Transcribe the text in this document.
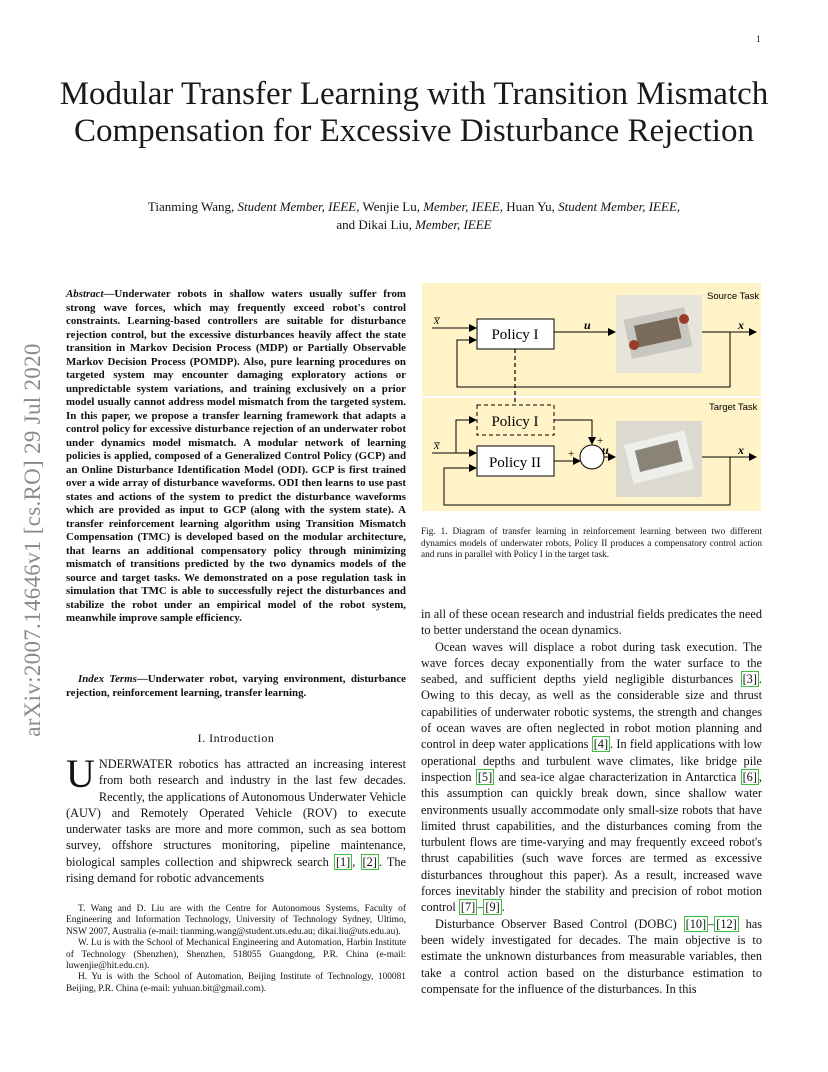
1
Modular Transfer Learning with Transition Mismatch Compensation for Excessive Disturbance Rejection
Tianming Wang, Student Member, IEEE, Wenjie Lu, Member, IEEE, Huan Yu, Student Member, IEEE,
and Dikai Liu, Member, IEEE
arXiv:2007.14646v1 [cs.RO] 29 Jul 2020
Abstract—Underwater robots in shallow waters usually suffer from strong wave forces, which may frequently exceed robot's control constraints. Learning-based controllers are suitable for disturbance rejection control, but the excessive disturbances heavily affect the state transition in Markov Decision Process (MDP) or Partially Observable Markov Decision Process (POMDP). Also, pure learning procedures on targeted system may encounter damaging exploratory actions or unpredictable system variations, and training exclusively on a prior model usually cannot address model mismatch from the targeted system. In this paper, we propose a transfer learning framework that adapts a control policy for excessive disturbance rejection of an underwater robot under dynamics model mismatch. A modular network of learning policies is applied, composed of a Generalized Control Policy (GCP) and an Online Disturbance Identification Model (ODI). GCP is first trained over a wide array of disturbance waveforms. ODI then learns to use past states and actions of the system to predict the disturbance waveforms which are provided as input to GCP (along with the system state). A transfer reinforcement learning algorithm using Transition Mismatch Compensation (TMC) is developed based on the modular architecture, that learns an additional compensatory policy through minimizing mismatch of transitions predicted by the two dynamics models of the source and target tasks. We demonstrated on a pose regulation task in simulation that TMC is able to successfully reject the disturbances and stabilize the robot under an empirical model of the robot system, meanwhile improve sample efficiency.
Index Terms—Underwater robot, varying environment, disturbance rejection, reinforcement learning, transfer learning.
I. Introduction
UNDERWATER robotics has attracted an increasing interest from both research and industry in the last few decades. Recently, the applications of Autonomous Underwater Vehicle (AUV) and Remotely Operated Vehicle (ROV) to execute underwater tasks are more and more common, such as sea bottom survey, offshore structures monitoring, pipeline maintenance, biological samples collection and shipwreck search [1] , [2] . The rising demand for robotic advancements

T. Wang and D. Liu are with the Centre for Autonomous Systems, Faculty of Engineering and Information Technology, University of Technology Sydney, Ultimo, NSW 2007, Australia (e-mail: tianming.wang@student.uts.edu.au; dikai.liu@uts.edu.au).

W. Lu is with the School of Mechanical Engineering and Automation, Harbin Institute of Technology (Shenzhen), Shenzhen, 518055 Guangdong, P.R. China (e-mail: luwenjie@hit.edu.cn).

H. Yu is with the School of Automation, Beijing Institute of Technology, 100081 Beijing, P.R. China (e-mail: yuhuan.bit@gmail.com).

Source Task
Target Task
x̅
Policy I
u	x
Policy I
x̅
Policy II
+
+
u	x
Fig. 1. Diagram of transfer learning in reinforcement learning between two different dynamics models of underwater robots, Policy II produces a compensatory control action and runs in parallel with Policy I in the target task.

in all of these ocean research and industrial fields predicates the need to better understand the ocean dynamics.

Ocean waves will displace a robot during task execution. The wave forces decay exponentially from the water surface to the seabed, and sufficient depths yield negligible disturbances [3] . Owing to this decay, as well as the considerable size and thrust capabilities of underwater robotic systems, the strength and changes of ocean waves are often neglected in robot motion planning and control in deep water applications [4] . In field applications with low operational depths and turbulent wave climates, like bridge pile inspection [5] and sea-ice algae characterization in Antarctica [6] , this assumption can quickly break down, since shallow water environments usually accommodate only small-size robots that have limited thrust capabilities, and the disturbances coming from the turbulent flows are time-varying and may frequently exceed robot's thrust capabilities (such wave forces are termed as excessive disturbances throughout this paper). As a result, increased wave forces inevitably hinder the stability and precision of robot motion control [7] – [9] .

Disturbance Observer Based Control (DOBC) [10] – [12] has been widely investigated for decades. The main objective is to estimate the unknown disturbances from measurable variables, then take a control action based on the disturbance estimation to compensate for the influence of the disturbances. In this
